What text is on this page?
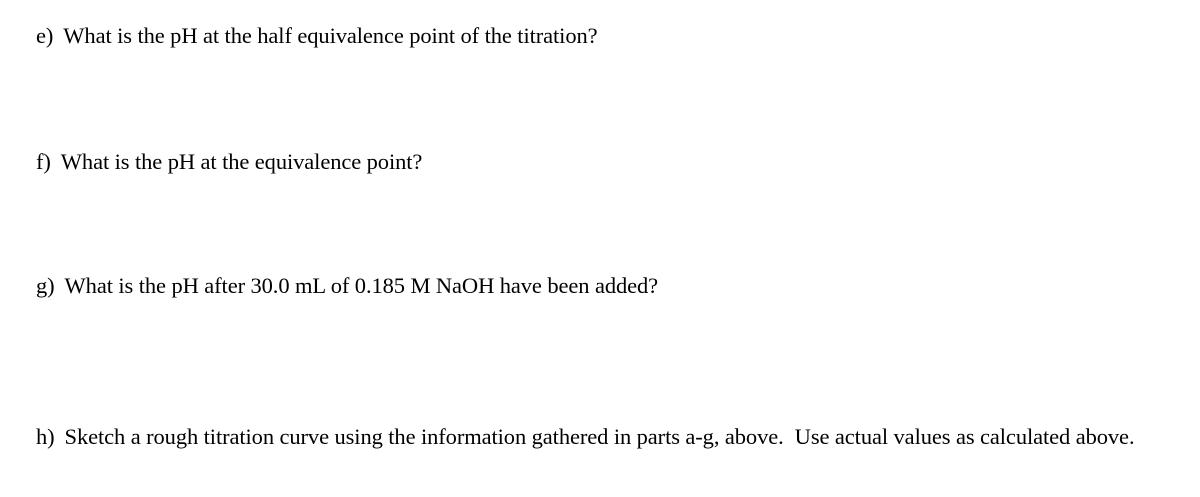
e) What is the pH at the half equivalence point of the titration?
f) What is the pH at the equivalence point?
g) What is the pH after 30.0 mL of 0.185 M NaOH have been added?
h) Sketch a rough titration curve using the information gathered in parts a-g, above.  Use actual values as calculated above.
